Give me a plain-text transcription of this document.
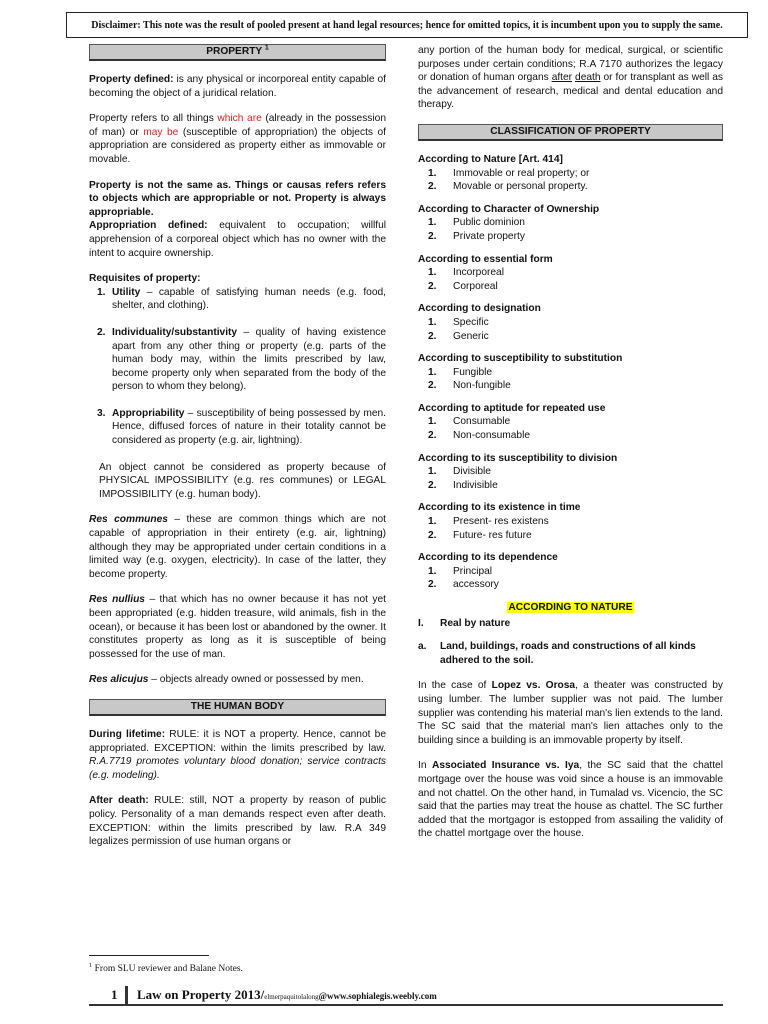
Disclaimer: This note was the result of pooled present at hand legal resources; hence for omitted topics, it is incumbent upon you to supply the same.
PROPERTY $^1$

Property defined: is any physical or incorporeal entity capable of becoming the object of a juridical relation.

Property refers to all things which are (already in the possession of man) or may be (susceptible of appropriation) the objects of appropriation are considered as property either as immovable or movable.

Property is not the same as. Things or causas refers refers to objects which are appropriable or not. Property is always appropriable.

Appropriation defined: equivalent to occupation; willful apprehension of a corporeal object which has no owner with the intent to acquire ownership.

Requisites of property:

1. Utility – capable of satisfying human needs (e.g. food, shelter, and clothing).
2. Individuality/substantivity – quality of having existence apart from any other thing or property (e.g. parts of the human body may, within the limits prescribed by law, become property only when separated from the body of the person to whom they belong).
3. Appropriability – susceptibility of being possessed by men. Hence, diffused forces of nature in their totality cannot be considered as property (e.g. air, lightning).

An object cannot be considered as property because of PHYSICAL IMPOSSIBILITY (e.g. res communes) or LEGAL IMPOSSIBILITY (e.g. human body).

Res communes – these are common things which are not capable of appropriation in their entirety (e.g. air, lightning) although they may be appropriated under certain conditions in a limited way (e.g. oxygen, electricity). In case of the latter, they become property.

Res nullius – that which has no owner because it has not yet been appropriated (e.g. hidden treasure, wild animals, fish in the ocean), or because it has been lost or abandoned by the owner. It constitutes property as long as it is susceptible of being possessed for the use of man.

Res alicujus – objects already owned or possessed by men.

THE HUMAN BODY

During lifetime: RULE: it is NOT a property. Hence, cannot be appropriated. EXCEPTION: within the limits prescribed by law. R.A.7719 promotes voluntary blood donation; service contracts (e.g. modeling).

After death: RULE: still, NOT a property by reason of public policy. Personality of a man demands respect even after death. EXCEPTION: within the limits prescribed by law. R.A 349 legalizes permission of use human organs or

any portion of the human body for medical, surgical, or scientific purposes under certain conditions; R.A 7170 authorizes the legacy or donation of human organs after death or for transplant as well as the advancement of research, medical and dental education and therapy.

CLASSIFICATION OF PROPERTY

According to Nature [Art. 414]

1. Immovable or real property; or
2. Movable or personal property.

According to Character of Ownership

1. Public dominion
2. Private property

According to essential form

1. Incorporeal
2. Corporeal

According to designation

1. Specific
2. Generic

According to susceptibility to substitution

1. Fungible
2. Non-fungible

According to aptitude for repeated use

1. Consumable
2. Non-consumable

According to its susceptibility to division

1. Divisible
2. Indivisible

According to its existence in time

1. Present- res existens
2. Future- res future

According to its dependence

1. Principal
2. accessory

ACCORDING TO NATURE

I. Real by nature

a. Land, buildings, roads and constructions of all kinds adhered to the soil.

In the case of Lopez vs. Orosa, a theater was constructed by using lumber. The lumber supplier was not paid. The lumber supplier was contending his material man's lien extends to the land. The SC said that the material man's lien attaches only to the building since a building is an immovable property by itself.

In Associated Insurance vs. Iya, the SC said that the chattel mortgage over the house was void since a house is an immovable and not chattel. On the other hand, in Tumalad vs. Vicencio, the SC said that the parties may treat the house as chattel. The SC further added that the mortgagor is estopped from assailing the validity of the chattel mortgage over the house.

$^1$ From SLU reviewer and Balane Notes.
1 Law on Property 2013/elmerpaquitolalong@www.sophialegis.weebly.com
